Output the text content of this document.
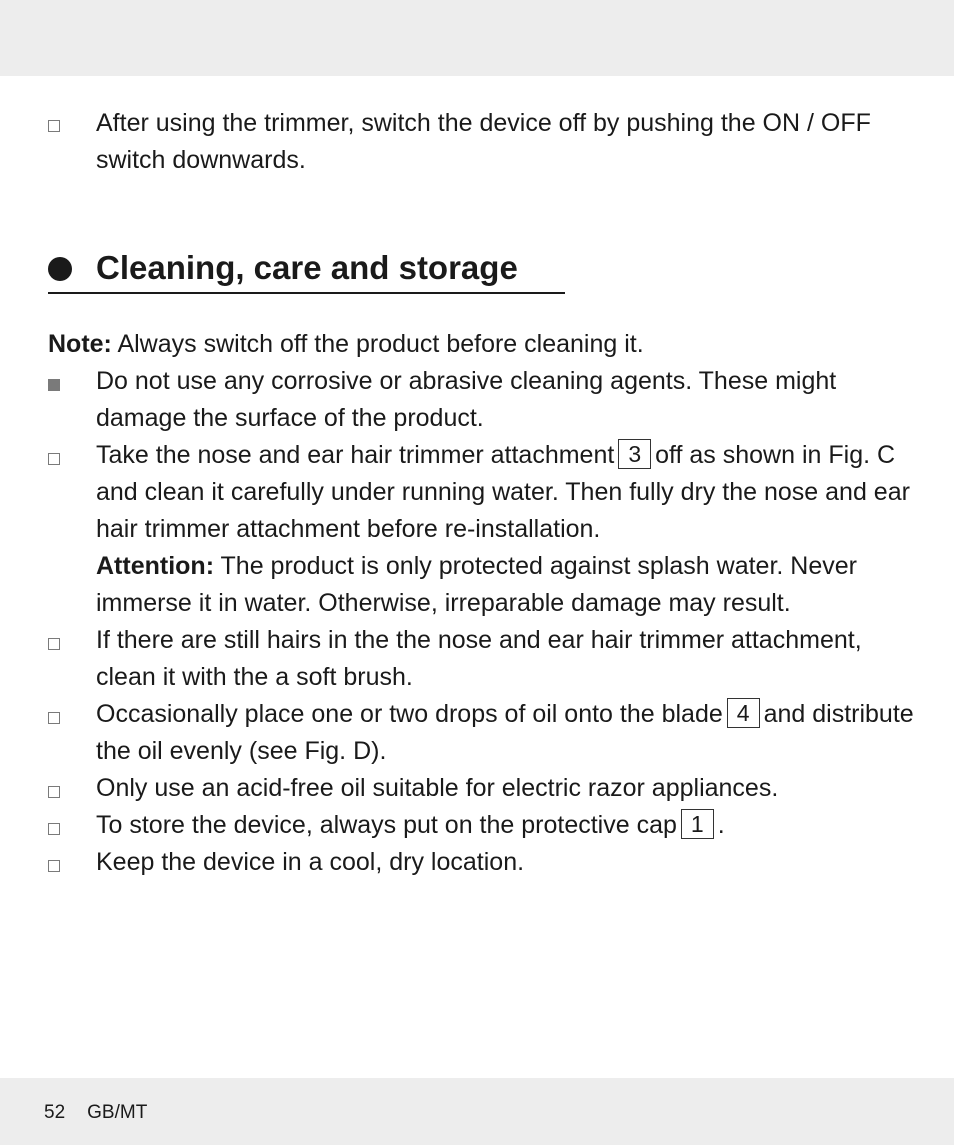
After using the trimmer, switch the device off by pushing the ON / OFF switch downwards.
Cleaning, care and storage
Note: Always switch off the product before cleaning it.
Do not use any corrosive or abrasive cleaning agents. These might damage the surface of the product.
Take the nose and ear hair trimmer attachment 3 off as shown in Fig. C and clean it carefully under running water. Then fully dry the nose and ear hair trimmer attachment before re-installation.
Attention: The product is only protected against splash water. Never immerse it in water. Otherwise, irreparable damage may result.
If there are still hairs in the the nose and ear hair trimmer attachment, clean it with the a soft brush.
Occasionally place one or two drops of oil onto the blade 4 and distribute the oil evenly (see Fig. D).
Only use an acid-free oil suitable for electric razor appliances.
To store the device, always put on the protective cap 1 .
Keep the device in a cool, dry location.
52 GB/MT
